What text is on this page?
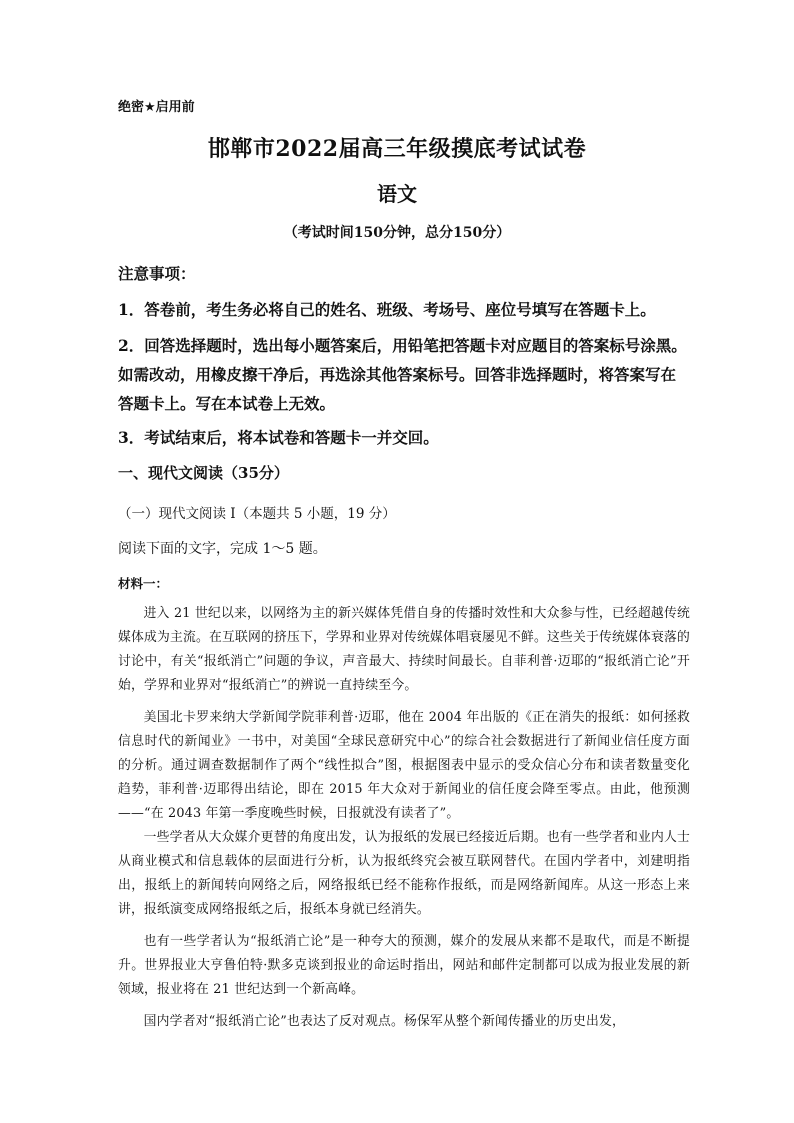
绝密★启用前

邯郸市2022届高三年级摸底考试试卷

语文

（考试时间150分钟，总分150分）

注意事项：

1．答卷前，考生务必将自己的姓名、班级、考场号、座位号填写在答题卡上。

2．回答选择题时，选出每小题答案后，用铅笔把答题卡对应题目的答案标号涂黑。如需改动，用橡皮擦干净后，再选涂其他答案标号。回答非选择题时，将答案写在答题卡上。写在本试卷上无效。

3．考试结束后，将本试卷和答题卡一并交回。

一、现代文阅读（35分）

（一）现代文阅读 I（本题共 5 小题，19 分）

阅读下面的文字，完成 1～5 题。

材料一：

进入 21 世纪以来，以网络为主的新兴媒体凭借自身的传播时效性和大众参与性，已经超越传统媒体成为主流。在互联网的挤压下，学界和业界对传统媒体唱衰屡见不鲜。这些关于传统媒体衰落的讨论中，有关“报纸消亡”问题的争议，声音最大、持续时间最长。自菲利普·迈耶的“报纸消亡论”开始，学界和业界对“报纸消亡”的辨说一直持续至今。

美国北卡罗来纳大学新闻学院菲利普·迈耶，他在 2004 年出版的《正在消失的报纸：如何拯救信息时代的新闻业》一书中，对美国“全球民意研究中心”的综合社会数据进行了新闻业信任度方面的分析。通过调查数据制作了两个“线性拟合”图，根据图表中显示的受众信心分布和读者数量变化趋势，菲利普·迈耶得出结论，即在 2015 年大众对于新闻业的信任度会降至零点。由此，他预测——“在 2043 年第一季度晚些时候，日报就没有读者了”。

一些学者从大众媒介更替的角度出发，认为报纸的发展已经接近后期。也有一些学者和业内人士从商业模式和信息载体的层面进行分析，认为报纸终究会被互联网替代。在国内学者中，刘建明指出，报纸上的新闻转向网络之后，网络报纸已经不能称作报纸，而是网络新闻库。从这一形态上来讲，报纸演变成网络报纸之后，报纸本身就已经消失。

也有一些学者认为“报纸消亡论”是一种夸大的预测，媒介的发展从来都不是取代，而是不断提升。世界报业大亨鲁伯特·默多克谈到报业的命运时指出，网站和邮件定制都可以成为报业发展的新领域，报业将在 21 世纪达到一个新高峰。

国内学者对“报纸消亡论”也表达了反对观点。杨保军从整个新闻传播业的历史出发，
